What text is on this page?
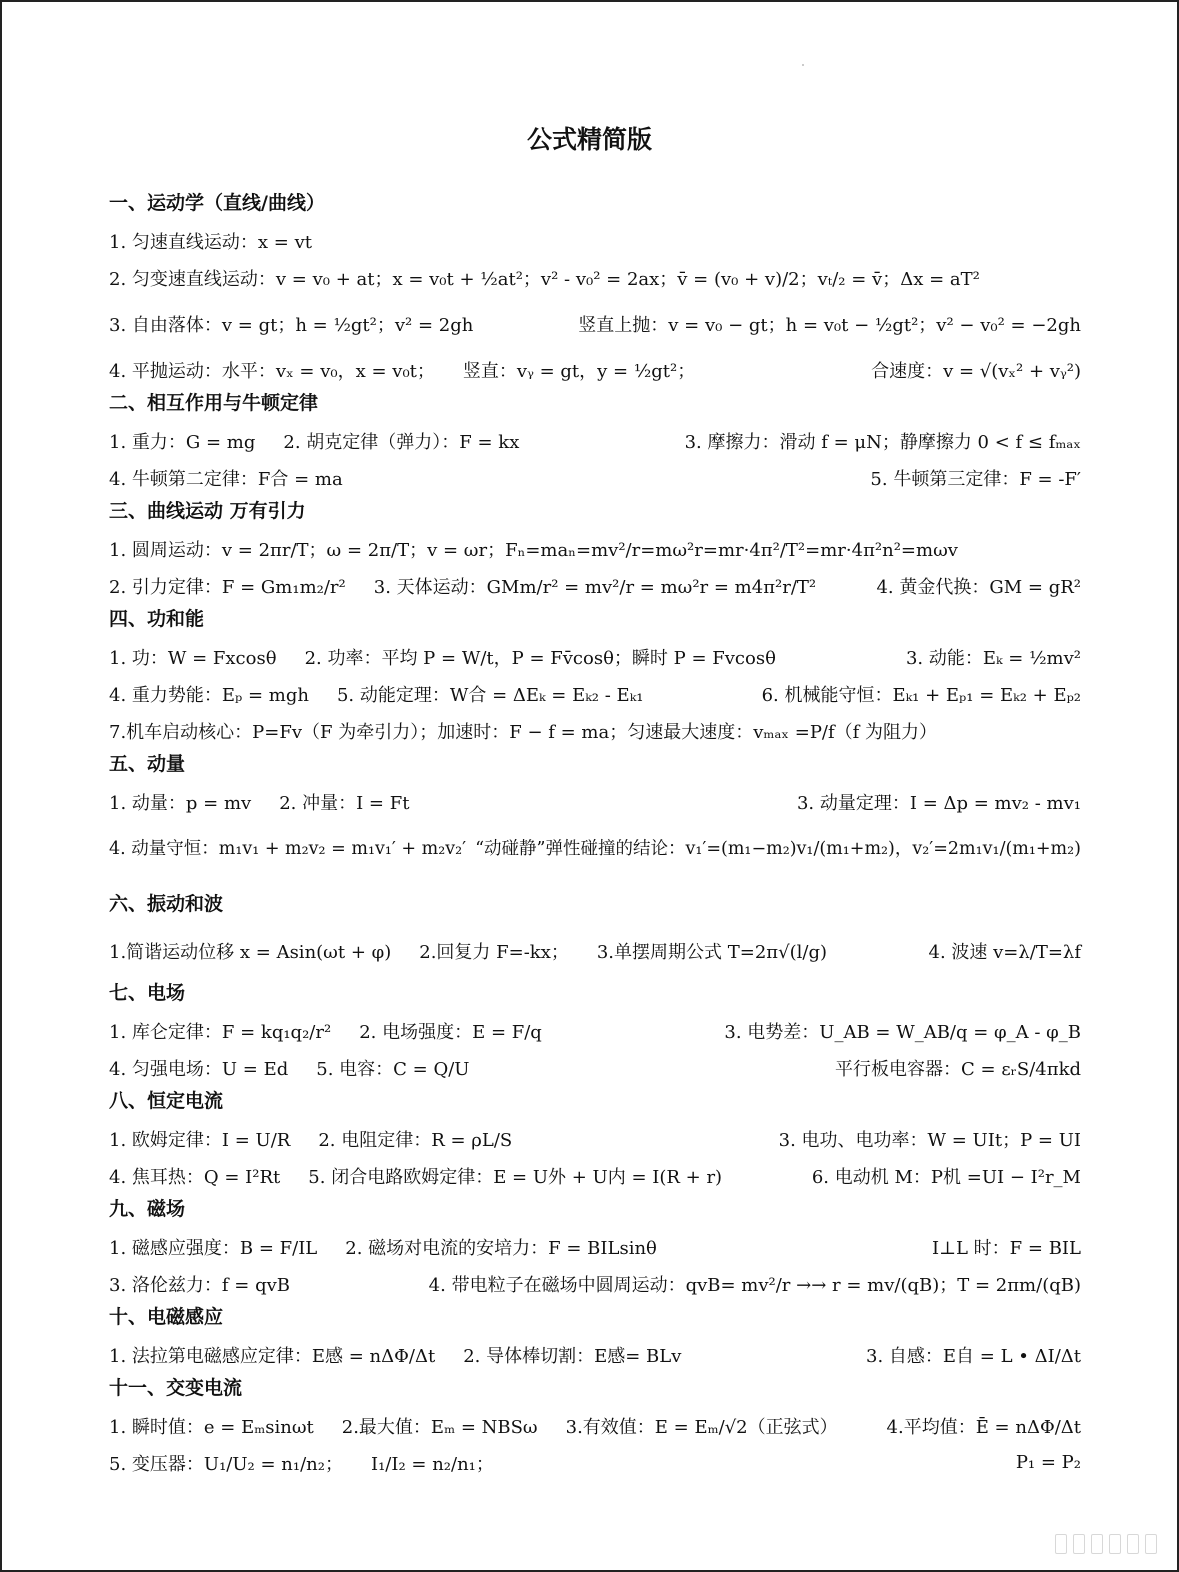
公式精简版
一、运动学（直线/曲线）
1. 匀速直线运动：x = vt
2. 匀变速直线运动：v = v₀ + at；x = v₀t + ½at²；v² - v₀² = 2ax；v̄ = (v₀ + v)/2；vₜ/₂ = v̄；Δx = aT²
3. 自由落体：v = gt；h = ½gt²；v² = 2gh	竖直上抛：v = v₀ − gt；h = v₀t − ½gt²；v² − v₀² = −2gh
4. 平抛运动：水平：vₓ = v₀，x = v₀t； 竖直：vᵧ = gt，y = ½gt²；	合速度：v = √(vₓ² + vᵧ²)
二、相互作用与牛顿定律
1. 重力：G = mg 2. 胡克定律（弹力）：F = kx	3. 摩擦力：滑动 f = μN；静摩擦力 0 < f ≤ fₘₐₓ
4. 牛顿第二定律：F合 = ma	5. 牛顿第三定律：F = -F′
三、曲线运动 万有引力
1. 圆周运动：v = 2πr/T；ω = 2π/T；v = ωr；Fₙ=maₙ=mv²/r=mω²r=mr·4π²/T²=mr·4π²n²=mωv
2. 引力定律：F = Gm₁m₂/r² 3. 天体运动：GMm/r² = mv²/r = mω²r = m4π²r/T²	4. 黄金代换：GM = gR²
四、功和能
1. 功：W = Fxcosθ 2. 功率：平均 P = W/t，P = Fv̄cosθ；瞬时 P = Fvcosθ	3. 动能：Eₖ = ½mv²
4. 重力势能：Eₚ = mgh 5. 动能定理：W合 = ΔEₖ = Eₖ₂ - Eₖ₁	6. 机械能守恒：Eₖ₁ + Eₚ₁ = Eₖ₂ + Eₚ₂
7.机车启动核心：P=Fv（F 为牵引力）；加速时：F − f = ma；匀速最大速度：vₘₐₓ =P/f（f 为阻力）
五、动量
1. 动量：p = mv 2. 冲量：I = Ft	3. 动量定理：I = Δp = mv₂ - mv₁
4. 动量守恒：m₁v₁ + m₂v₂ = m₁v₁′ + m₂v₂′ “动碰静”弹性碰撞的结论：v₁′=(m₁−m₂)v₁/(m₁+m₂)，v₂′=2m₁v₁/(m₁+m₂)
六、振动和波
1.简谐运动位移 x = Asin(ωt + φ) 2.回复力 F=-kx； 3.单摆周期公式 T=2π√(l/g)	4. 波速 v=λ/T=λf
七、电场
1. 库仑定律：F = kq₁q₂/r² 2. 电场强度：E = F/q	3. 电势差：U_AB = W_AB/q = φ_A - φ_B
4. 匀强电场：U = Ed 5. 电容：C = Q/U	平行板电容器：C = εᵣS/4πkd
八、恒定电流
1. 欧姆定律：I = U/R 2. 电阻定律：R = ρL/S	3. 电功、电功率：W = UIt；P = UI
4. 焦耳热：Q = I²Rt 5. 闭合电路欧姆定律：E = U外 + U内 = I(R + r)	6. 电动机 M：P机 =UI − I²r_M
九、磁场
1. 磁感应强度：B = F/IL 2. 磁场对电流的安培力：F = BILsinθ	I⊥L 时：F = BIL
3. 洛伦兹力：f = qvB	4. 带电粒子在磁场中圆周运动：qvB= mv²/r →→ r = mv/(qB)；T = 2πm/(qB)
十、电磁感应
1. 法拉第电磁感应定律：E感 = nΔΦ/Δt 2. 导体棒切割：E感= BLv	3. 自感：E自 = L • ΔI/Δt
十一、交变电流
1. 瞬时值：e = Eₘsinωt 2.最大值：Eₘ = NBSω 3.有效值：E = Eₘ/√2（正弦式）	4.平均值：Ē = nΔΦ/Δt
5. 变压器：U₁/U₂ = n₁/n₂； I₁/I₂ = n₂/n₁；	P₁ = P₂
